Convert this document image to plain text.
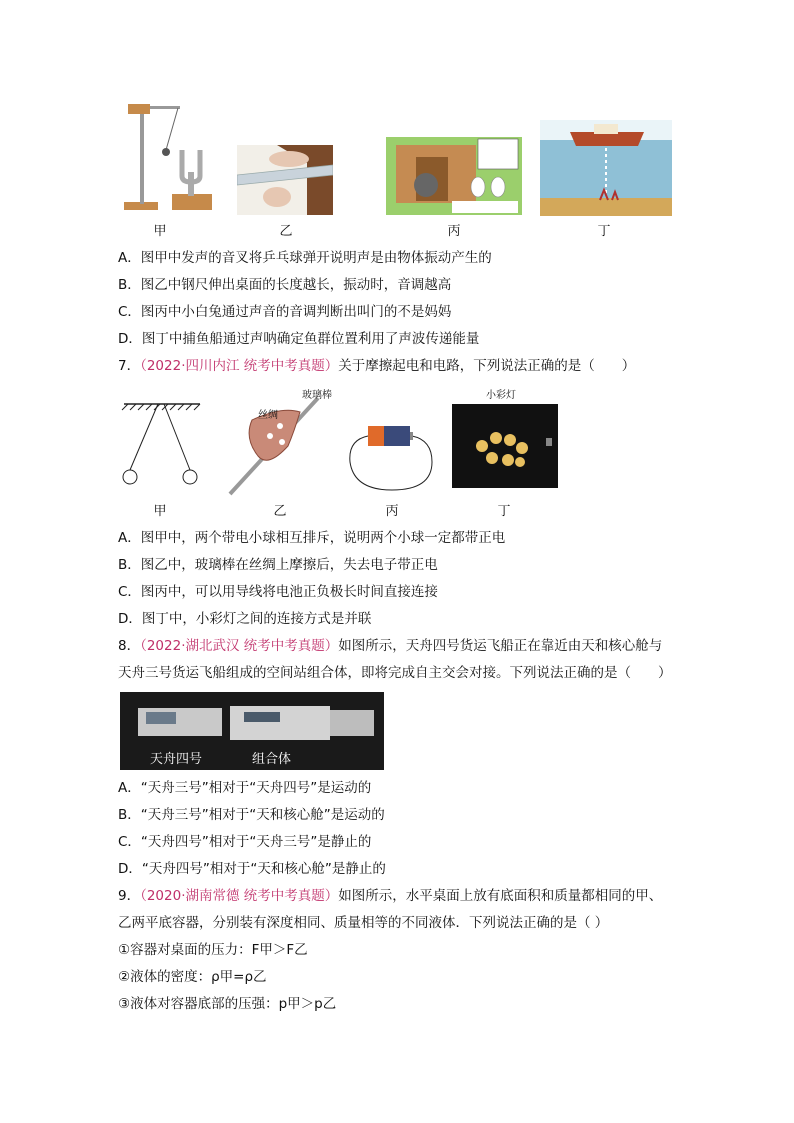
甲	乙	丙	丁
A．图甲中发声的音叉将乒乓球弹开说明声是由物体振动产生的
B．图乙中钢尺伸出桌面的长度越长，振动时，音调越高
C．图丙中小白兔通过声音的音调判断出叫门的不是妈妈
D．图丁中捕鱼船通过声呐确定鱼群位置利用了声波传递能量
7．（2022·四川内江 统考中考真题）关于摩擦起电和电路，下列说法正确的是（　　）
甲
玻璃棒
丝绸
乙	丙
小彩灯
丁
A．图甲中，两个带电小球相互排斥，说明两个小球一定都带正电
B．图乙中，玻璃棒在丝绸上摩擦后，失去电子带正电
C．图丙中，可以用导线将电池正负极长时间直接连接
D．图丁中，小彩灯之间的连接方式是并联
8．（2022·湖北武汉 统考中考真题）如图所示，天舟四号货运飞船正在靠近由天和核心舱与
天舟三号货运飞船组成的空间站组合体，即将完成自主交会对接。下列说法正确的是（　　）
天舟四号	组合体
A．“天舟三号”相对于“天舟四号”是运动的
B．“天舟三号”相对于“天和核心舱”是运动的
C．“天舟四号”相对于“天舟三号”是静止的
D．“天舟四号”相对于“天和核心舱”是静止的
9．（2020·湖南常德 统考中考真题）如图所示，水平桌面上放有底面积和质量都相同的甲、
乙两平底容器，分别装有深度相同、质量相等的不同液体．下列说法正确的是（ ）
①容器对桌面的压力：F甲＞F乙
②液体的密度：ρ甲=ρ乙
③液体对容器底部的压强：p甲＞p乙
